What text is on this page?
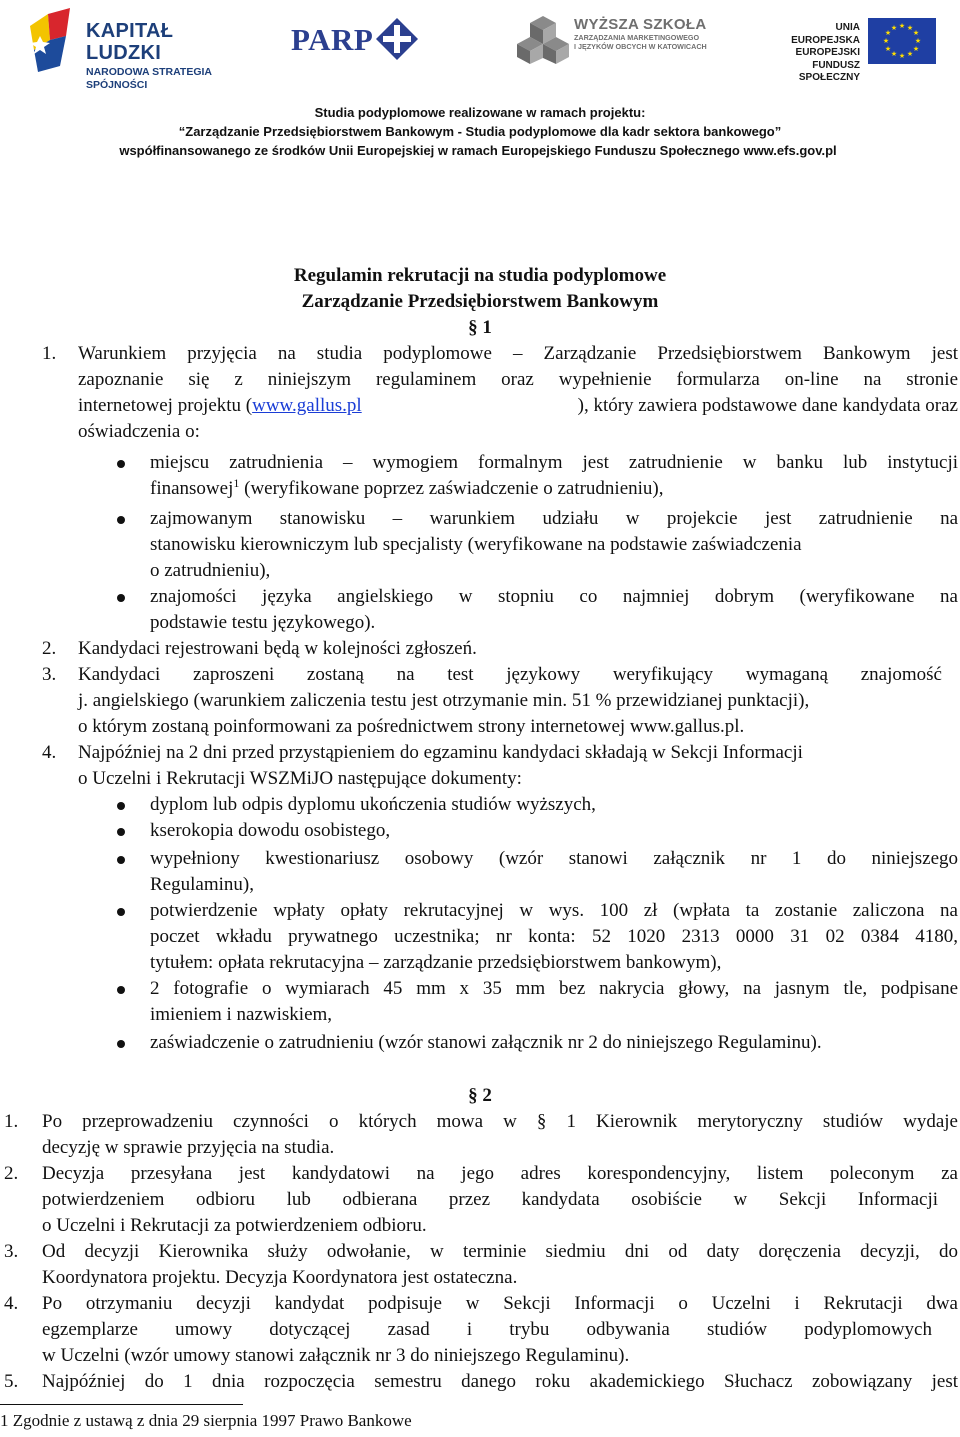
KAPITAŁ LUDZKI
NARODOWA STRATEGIA SPÓJNOŚCI
PARP	WYŻSZA SZKOŁA
ZARZĄDZANIA MARKETINGOWEGO
I JĘZYKÓW OBCYCH W KATOWICACH
UNIA EUROPEJSKA
EUROPEJSKI
FUNDUSZ SPOŁECZNY
★ ★
★
★
★
★
★
★
★
★
★
★
Studia podyplomowe realizowane w ramach projektu:
“Zarządzanie Przedsiębiorstwem Bankowym - Studia podyplomowe dla kadr sektora bankowego”
współfinansowanego ze środków Unii Europejskiej w ramach Europejskiego Funduszu Społecznego www.efs.gov.pl
Regulamin rekrutacji na studia podyplomowe
Zarządzanie Przedsiębiorstwem Bankowym
§ 1
1. Warunkiem przyjęcia na studia podyplomowe – Zarządzanie Przedsiębiorstwem Bankowym jest
zapoznanie się z niniejszym regulaminem oraz wypełnienie formularza on-line na stronie
internetowej projektu (www.gallus.pl	), który zawiera podstawowe dane kandydata oraz
oświadczenia o:
miejscu zatrudnienia – wymogiem formalnym jest zatrudnienie w banku lub instytucji
finansowej$^1$ (weryfikowane poprzez zaświadczenie o zatrudnieniu),
zajmowanym stanowisku – warunkiem udziału w projekcie jest zatrudnienie na
stanowisku kierowniczym lub specjalisty (weryfikowane na podstawie zaświadczenia
o zatrudnieniu),
znajomości języka angielskiego w stopniu co najmniej dobrym (weryfikowane na
podstawie testu językowego).
2. Kandydaci rejestrowani będą w kolejności zgłoszeń.
3. Kandydaci zaproszeni zostaną na test językowy weryfikujący wymaganą znajomość
j. angielskiego (warunkiem zaliczenia testu jest otrzymanie min. 51 % przewidzianej punktacji),
o którym zostaną poinformowani za pośrednictwem strony internetowej www.gallus.pl.
4. Najpóźniej na 2 dni przed przystąpieniem do egzaminu kandydaci składają w Sekcji Informacji
o Uczelni i Rekrutacji WSZMiJO następujące dokumenty:
dyplom lub odpis dyplomu ukończenia studiów wyższych,
kserokopia dowodu osobistego,
wypełniony kwestionariusz osobowy (wzór stanowi załącznik nr 1 do niniejszego
Regulaminu),
potwierdzenie wpłaty opłaty rekrutacyjnej w wys. 100 zł (wpłata ta zostanie zaliczona na
poczet wkładu prywatnego uczestnika; nr konta: 52 1020 2313 0000 31 02 0384 4180,
tytułem: opłata rekrutacyjna – zarządzanie przedsiębiorstwem bankowym),
2 fotografie o wymiarach 45 mm x 35 mm bez nakrycia głowy, na jasnym tle, podpisane
imieniem i nazwiskiem,
zaświadczenie o zatrudnieniu (wzór stanowi załącznik nr 2 do niniejszego Regulaminu).
§ 2
1. Po przeprowadzeniu czynności o których mowa w § 1 Kierownik merytoryczny studiów wydaje
decyzję w sprawie przyjęcia na studia.
2. Decyzja przesyłana jest kandydatowi na jego adres korespondencyjny, listem poleconym za
potwierdzeniem odbioru lub odbierana przez kandydata osobiście w Sekcji Informacji
o Uczelni i Rekrutacji za potwierdzeniem odbioru.
3. Od decyzji Kierownika służy odwołanie, w terminie siedmiu dni od daty doręczenia decyzji, do
Koordynatora projektu. Decyzja Koordynatora jest ostateczna.
4. Po otrzymaniu decyzji kandydat podpisuje w Sekcji Informacji o Uczelni i Rekrutacji dwa
egzemplarze umowy dotyczącej zasad i trybu odbywania studiów podyplomowych
w Uczelni (wzór umowy stanowi załącznik nr 3 do niniejszego Regulaminu).
5. Najpóźniej do 1 dnia rozpoczęcia semestru danego roku akademickiego Słuchacz zobowiązany jest
1 Zgodnie z ustawą z dnia 29 sierpnia 1997 Prawo Bankowe
